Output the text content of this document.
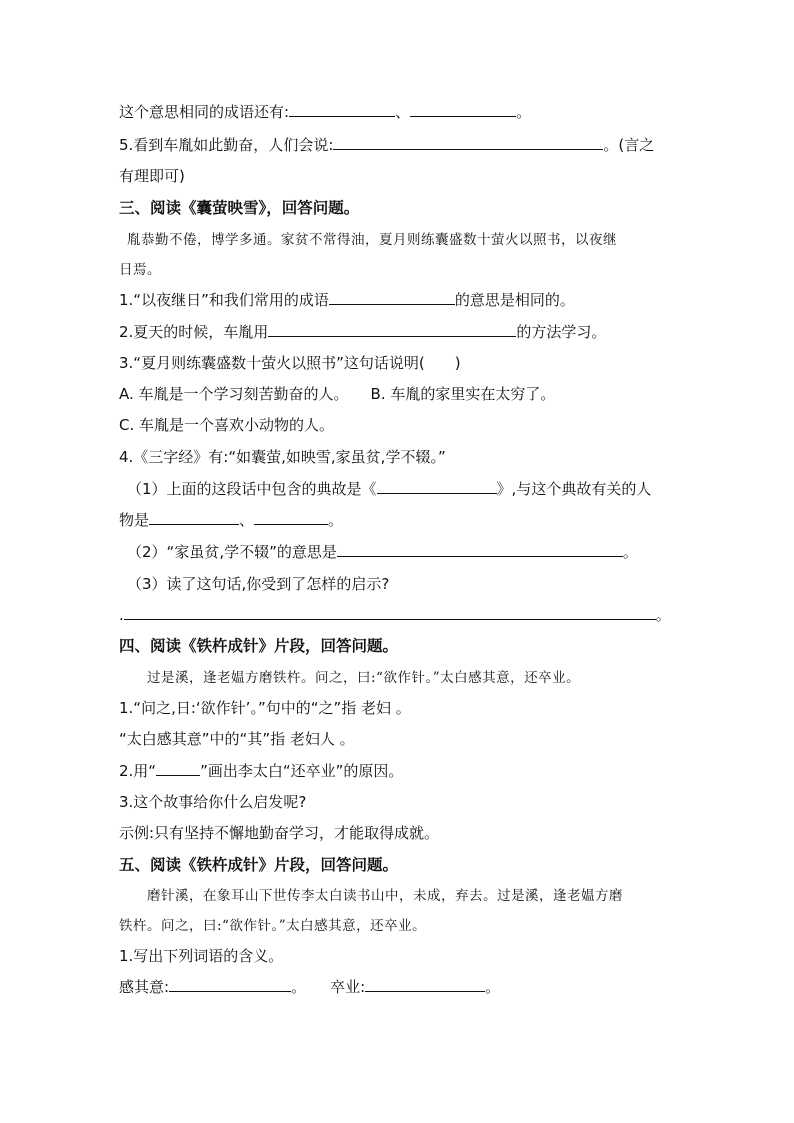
这个意思相同的成语还有:	、	。
5.看到车胤如此勤奋，人们会说:	。(言之
有理即可)
三、阅读《囊萤映雪》，回答问题。
胤恭勤不倦，博学多通。家贫不常得油，夏月则练囊盛数十萤火以照书，以夜继
日焉。
1.“以夜继日”和我们常用的成语	的意思是相同的。
2.夏天的时候，车胤用	的方法学习。
3.“夏月则练囊盛数十萤火以照书”这句话说明(　　)
A. 车胤是一个学习刻苦勤奋的人。 B. 车胤的家里实在太穷了。
C. 车胤是一个喜欢小动物的人。
4.《三字经》有:“如囊萤,如映雪,家虽贫,学不辍。”
（1）上面的这段话中包含的典故是《	》,与这个典故有关的人
物是	、	。
（2）“家虽贫,学不辍”的意思是	。
（3）读了这句话,你受到了怎样的启示?
.	。
四、阅读《铁杵成针》片段，回答问题。
过是溪，逢老媪方磨铁杵。问之，曰:“欲作针。”太白感其意，还卒业。
1.“问之,日:‘欲作针’。”句中的“之”指 老妇 。
“太白感其意”中的“其”指 老妇人 。
2.用“	”画出李太白“还卒业”的原因。
3.这个故事给你什么启发呢?
示例:只有坚持不懈地勤奋学习，才能取得成就。
五、阅读《铁杵成针》片段，回答问题。
磨针溪，在象耳山下世传李太白读书山中，未成，弃去。过是溪，逢老媪方磨
铁杵。问之，曰:“欲作针。”太白感其意，还卒业。
1.写出下列词语的含义。
感其意:	。 卒业:	。
